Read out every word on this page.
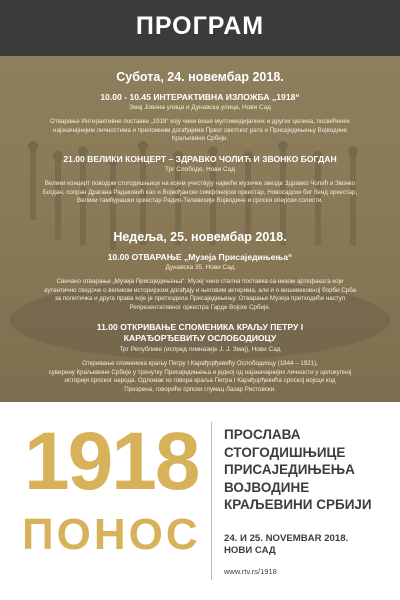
ПРОГРАМ
Субота, 24. новембар 2018.
10.00 - 10.45 ИНТЕРАКТИВНА ИЗЛОЖБА „1918“
Змај Јовина улица и Дунавска улица, Нови Сад
Отварање Интерактивне поставке „1918“ коју чини више мултимедијалних и других целина, посвећених
најзначајнијим личностима и преломним догађајима Првог светског рата и Присаједињењу Војводине
Краљевини Србији.
21.00 ВЕЛИКИ КОНЦЕРТ – ЗДРАВКО ЧОЛИЋ И ЗВОНКО БОГДАН
Трг Слободе, Нови Сад
Велики концерт поводом стогодишњице на којем учествују највеће музичке звезде Здравко Чолић и Звонко
Богдан, сопран Драгана Радаковић као и Војвођански симфонијски оркестар, Новосадски биг бенд оркестар,
Велики тамбурашки оркестар Радио-Телевизије Војводине и српски оперски солисти.
Недеља, 25. новембар 2018.
10.00 ОТВАРАЊЕ „Музеја Присаједињења“
Дунавска 35, Нови Сад
Свечано отварање „Музеја Присаједињења“. Музеј чини стална поставка са низом артефаката који
аутентично сведоче о великом историјском догађају и његовим актерима, али и о вишевековној борби Срба
за политичка и друга права које је претходила Присаједињењу. Отварање Музеја претходиће наступ
Репрезентативног оркестра Гарде Војске Србије.
11.00 ОТКРИВАЊЕ СПОМЕНИКА КРАЉУ ПЕТРУ I
КАРАЂОРЂЕВИЋУ ОСЛОБОДИОЦУ
Трг Републике (испред гимназије Ј. Ј. Змај), Нови Сад
Откривање споменика краљу Петру I Карађорђевићу Ослободиоцу (1844 – 1921),
суверену Краљевине Србије у тренутку Присаједињења и једној од најзначајнијих личности у целокупној
историји српског народа. Одломак из говора краља Петра I Карађорђевића српској војсци код
Призрена, говориће српски глумац Лазар Ристовски.
1918
ПОНОС
ПРОСЛАВА
СТОГОДИШЊИЦЕ
ПРИСАЈЕДИЊЕЊА
ВОЈВОДИНЕ
КРАЉЕВИНИ СРБИЈИ
24. И 25. NOVEMBAR 2018.
НОВИ САД
www.rtv.rs/1918
